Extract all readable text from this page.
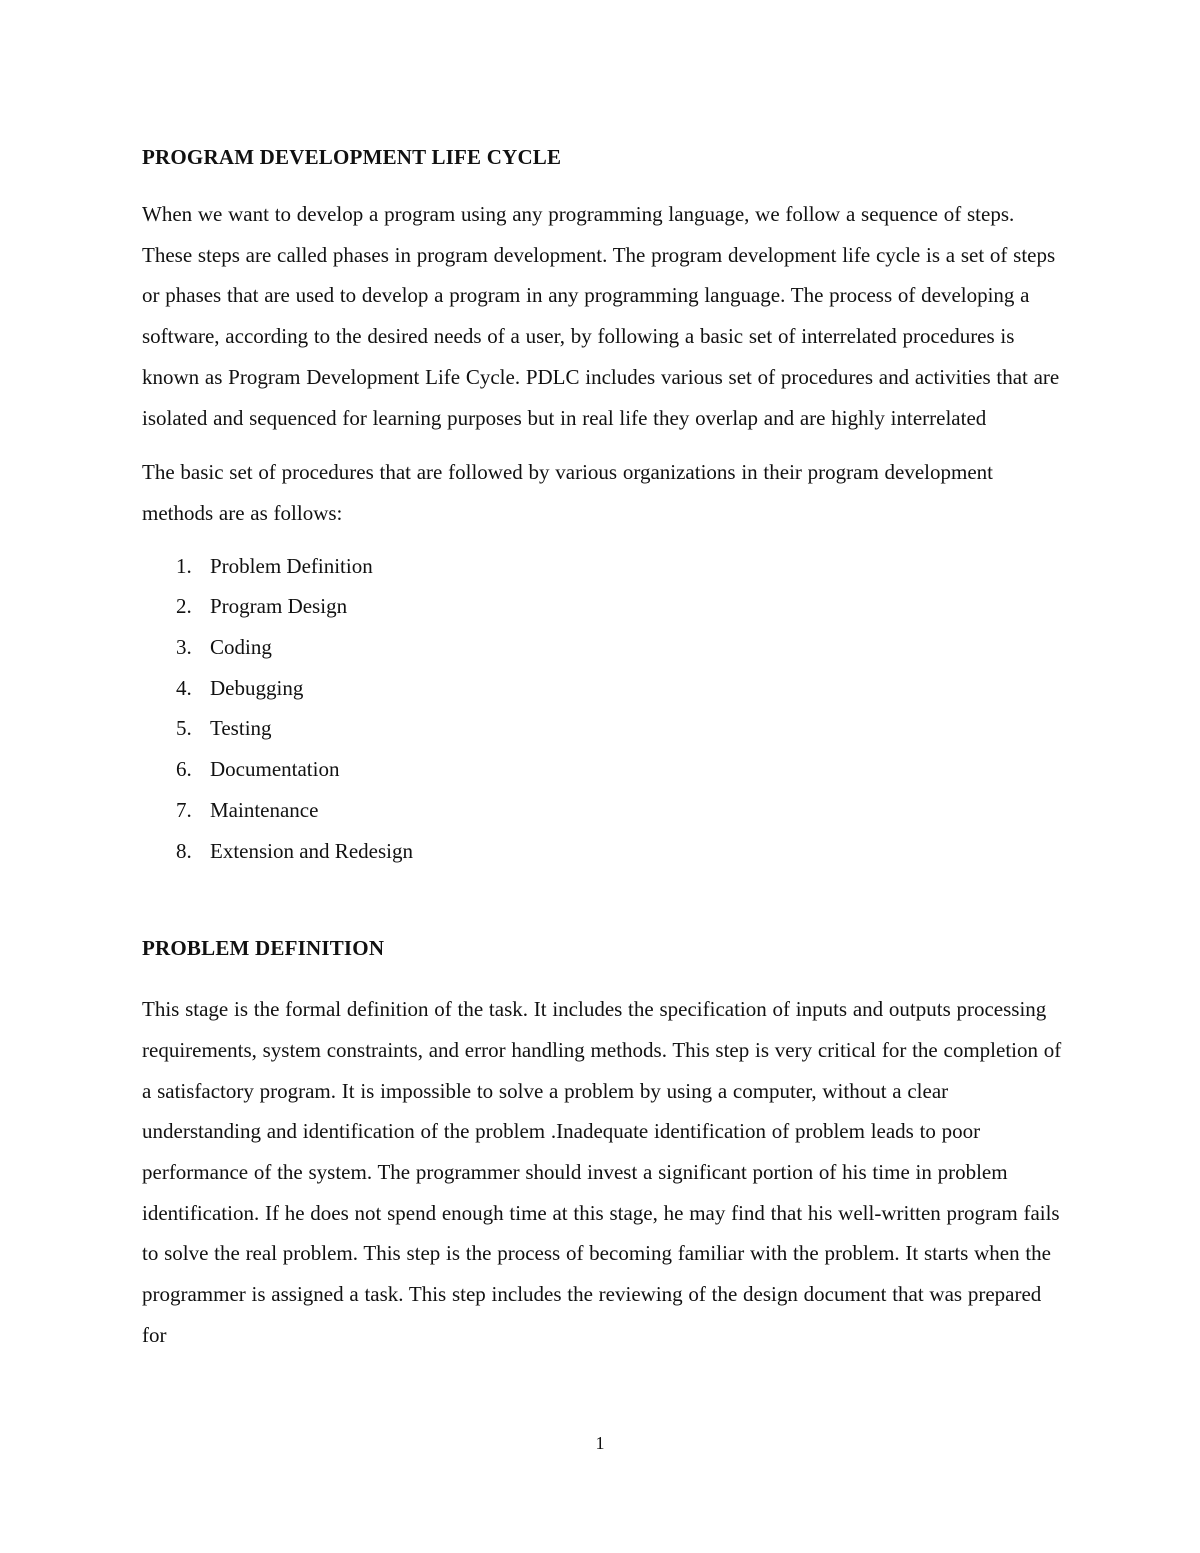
PROGRAM DEVELOPMENT LIFE CYCLE

When we want to develop a program using any programming language, we follow a sequence of steps. These steps are called phases in program development. The program development life cycle is a set of steps or phases that are used to develop a program in any programming language. The process of developing a software, according to the desired needs of a user, by following a basic set of interrelated procedures is known as Program Development Life Cycle. PDLC includes various set of procedures and activities that are isolated and sequenced for learning purposes but in real life they overlap and are highly interrelated

The basic set of procedures that are followed by various organizations in their program development methods are as follows:

1. Problem Definition
2. Program Design
3. Coding
4. Debugging
5. Testing
6. Documentation
7. Maintenance
8. Extension and Redesign
PROBLEM DEFINITION

This stage is the formal definition of the task. It includes the specification of inputs and outputs processing requirements, system constraints, and error handling methods. This step is very critical for the completion of a satisfactory program. It is impossible to solve a problem by using a computer, without a clear understanding and identification of the problem .Inadequate identification of problem leads to poor performance of the system. The programmer should invest a significant portion of his time in problem identification. If he does not spend enough time at this stage, he may find that his well-written program fails to solve the real problem. This step is the process of becoming familiar with the problem. It starts when the programmer is assigned a task. This step includes the reviewing of the design document that was prepared for

1
